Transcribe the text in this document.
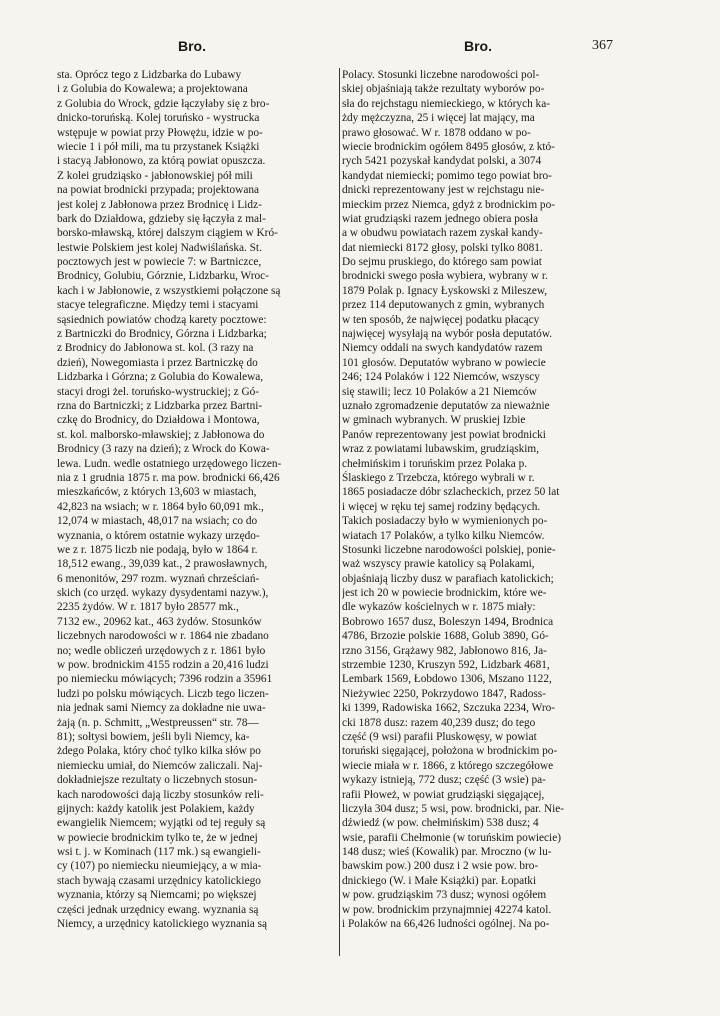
Bro.	Bro.	367
sta. Oprócz tego z Lidzbarka do Lubawy
i z Golubia do Kowalewa; a projektowana
z Golubia do Wrock, gdzie łączyłaby się z bro-
dnicko-toruńską. Kolej toruńsko - wystrucka
wstępuje w powiat przy Płowężu, idzie w po-
wiecie 1 i pół mili, ma tu przystanek Książki
i stacyą Jabłonowo, za którą powiat opuszcza.
Z kolei grudziąsko - jabłonowskiej pół mili
na powiat brodnicki przypada; projektowana
jest kolej z Jabłonowa przez Brodnicę i Lidz-
bark do Działdowa, gdzieby się łączyła z mal-
borsko-mławską, której dalszym ciągiem w Kró-
lestwie Polskiem jest kolej Nadwiślańska. St.
pocztowych jest w powiecie 7: w Bartniczce,
Brodnicy, Golubiu, Górznie, Lidzbarku, Wroc-
kach i w Jabłonowie, z wszystkiemi połączone są
stacye telegraficzne. Między temi i stacyami
sąsiednich powiatów chodzą karety pocztowe:
z Bartniczki do Brodnicy, Górzna i Lidzbarka;
z Brodnicy do Jabłonowa st. kol. (3 razy na
dzień), Nowegomiasta i przez Bartniczkę do
Lidzbarka i Górzna; z Golubia do Kowalewa,
stacyi drogi żel. toruńsko-wystruckiej; z Gó-
rzna do Bartniczki; z Lidzbarka przez Bartni-
czkę do Brodnicy, do Działdowa i Montowa,
st. kol. malborsko-mławskiej; z Jabłonowa do
Brodnicy (3 razy na dzień); z Wrock do Kowa-
lewa. Ludn. wedle ostatniego urzędowego liczen-
nia z 1 grudnia 1875 r. ma pow. brodnicki 66,426
mieszkańców, z których 13,603 w miastach,
42,823 na wsiach; w r. 1864 było 60,091 mk.,
12,074 w miastach, 48,017 na wsiach; co do
wyznania, o którem ostatnie wykazy urzędo-
we z r. 1875 liczb nie podają, było w 1864 r.
18,512 ewang., 39,039 kat., 2 prawosławnych,
6 menonitów, 297 rozm. wyznań chrześciań-
skich (co urzęd. wykazy dysydentami nazyw.),
2235 żydów. W r. 1817 było 28577 mk.,
7132 ew., 20962 kat., 463 żydów. Stosunków
liczebnych narodowości w r. 1864 nie zbadano
no; wedle obliczeń urzędowych z r. 1861 było
w pow. brodnickim 4155 rodzin a 20,416 ludzi
po niemiecku mówiących; 7396 rodzin a 35961
ludzi po polsku mówiących. Liczb tego liczen-
nia jednak sami Niemcy za dokładne nie uwa-
żają (n. p. Schmitt, „Westpreussen“ str. 78—
81); sołtysi bowiem, jeśli byli Niemcy, ka-
żdego Polaka, który choć tylko kilka słów po
niemiecku umiał, do Niemców zaliczali. Naj-
dokładniejsze rezultaty o liczebnych stosun-
kach narodowości dają liczby stosunków reli-
gijnych: każdy katolik jest Polakiem, każdy
ewangielik Niemcem; wyjątki od tej reguły są
w powiecie brodnickim tylko te, że w jednej
wsi t. j. w Kominach (117 mk.) są ewangieli-
cy (107) po niemiecku nieumiejący, a w mia-
stach bywają czasami urzędnicy katolickiego
wyznania, którzy są Niemcami; po większej
części jednak urzędnicy ewang. wyznania są
Niemcy, a urzędnicy katolickiego wyznania są
Polacy. Stosunki liczebne narodowości pol-
skiej objaśniają także rezultaty wyborów po-
sła do rejchstagu niemieckiego, w których ka-
żdy mężczyzna, 25 i więcej lat mający, ma
prawo głosować. W r. 1878 oddano w po-
wiecie brodnickim ogółem 8495 głosów, z któ-
rych 5421 pozyskał kandydat polski, a 3074
kandydat niemiecki; pomimo tego powiat bro-
dnicki reprezentowany jest w rejchstagu nie-
mieckim przez Niemca, gdyż z brodnickim po-
wiat grudziąski razem jednego obiera posła
a w obudwu powiatach razem zyskał kandy-
dat niemiecki 8172 głosy, polski tylko 8081.
Do sejmu pruskiego, do którego sam powiat
brodnicki swego posła wybiera, wybrany w r.
1879 Polak p. Ignacy Łyskowski z Mileszew,
przez 114 deputowanych z gmin, wybranych
w ten sposób, że najwięcej podatku płacący
najwięcej wysyłają na wybór posła deputatów.
Niemcy oddali na swych kandydatów razem
101 głosów. Deputatów wybrano w powiecie
246; 124 Polaków i 122 Niemców, wszyscy
się stawili; lecz 10 Polaków a 21 Niemców
uznało zgromadzenie deputatów za nieważnie
w gminach wybranych. W pruskiej Izbie
Panów reprezentowany jest powiat brodnicki
wraz z powiatami lubawskim, grudziąskim,
chełmińskim i toruńskim przez Polaka p.
Ślaskiego z Trzebcza, którego wybrali w r.
1865 posiadacze dóbr szlacheckich, przez 50 lat
i więcej w ręku tej samej rodziny będących.
Takich posiadaczy było w wymienionych po-
wiatach 17 Polaków, a tylko kilku Niemców.
Stosunki liczebne narodowości polskiej, ponie-
waż wszyscy prawie katolicy są Polakami,
objaśniają liczby dusz w parafiach katolickich;
jest ich 20 w powiecie brodnickim, które we-
dle wykazów kościelnych w r. 1875 miały:
Bobrowo 1657 dusz, Boleszyn 1494, Brodnica
4786, Brzozie polskie 1688, Golub 3890, Gó-
rzno 3156, Grążawy 982, Jabłonowo 816, Ja-
strzembie 1230, Kruszyn 592, Lidzbark 4681,
Lembark 1569, Łobdowo 1306, Mszano 1122,
Nieżywiec 2250, Pokrzydowo 1847, Radoss-
ki 1399, Radowiska 1662, Szczuka 2234, Wro-
cki 1878 dusz: razem 40,239 dusz; do tego
część (9 wsi) parafii Pluskowęsy, w powiat
toruński sięgającej, położona w brodnickim po-
wiecie miała w r. 1866, z którego szczegółowe
wykazy istnieją, 772 dusz; część (3 wsie) pa-
rafii Płoweż, w powiat grudziąski sięgającej,
liczyła 304 dusz; 5 wsi, pow. brodnicki, par. Nie-
dźwiedź (w pow. chełmińskim) 538 dusz; 4
wsie, parafii Chełmonie (w toruńskim powiecie)
148 dusz; wieś (Kowalik) par. Mroczno (w lu-
bawskim pow.) 200 dusz i 2 wsie pow. bro-
dnickiego (W. i Małe Książki) par. Łopatki
w pow. grudziąskim 73 dusz; wynosi ogółem
w pow. brodnickim przynajmniej 42274 katol.
i Polaków na 66,426 ludności ogólnej. Na po-
